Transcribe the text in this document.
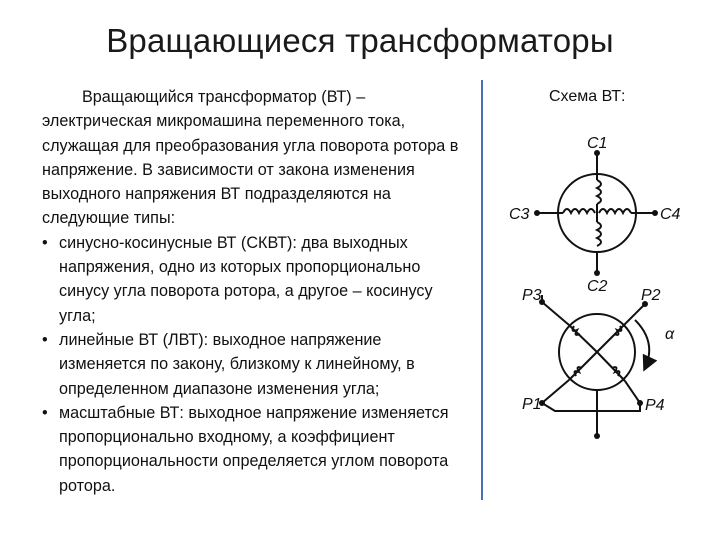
Вращающиеся трансформаторы

Вращающийся трансформатор (ВТ) – электрическая микромашина переменного тока, служащая для преобразования угла поворота ротора в напряжение. В зависимости от закона изменения выходного напряжения ВТ подразделяются на следующие типы:

• синусно-косинусные ВТ (СКВТ): два выходных напряжения, одно из которых пропорционально синусу угла поворота ротора, а другое – косинусу угла;
• линейные ВТ (ЛВТ): выходное напряжение изменяется по закону, близкому к линейному, в определенном диапазоне изменения угла;
• масштабные ВТ: выходное напряжение изменяется пропорционально входному, а коэффициент пропорциональности определяется углом поворота ротора.
Схема ВТ:
C1
C2
C3	C4
P3	P2
P1	P4
α
